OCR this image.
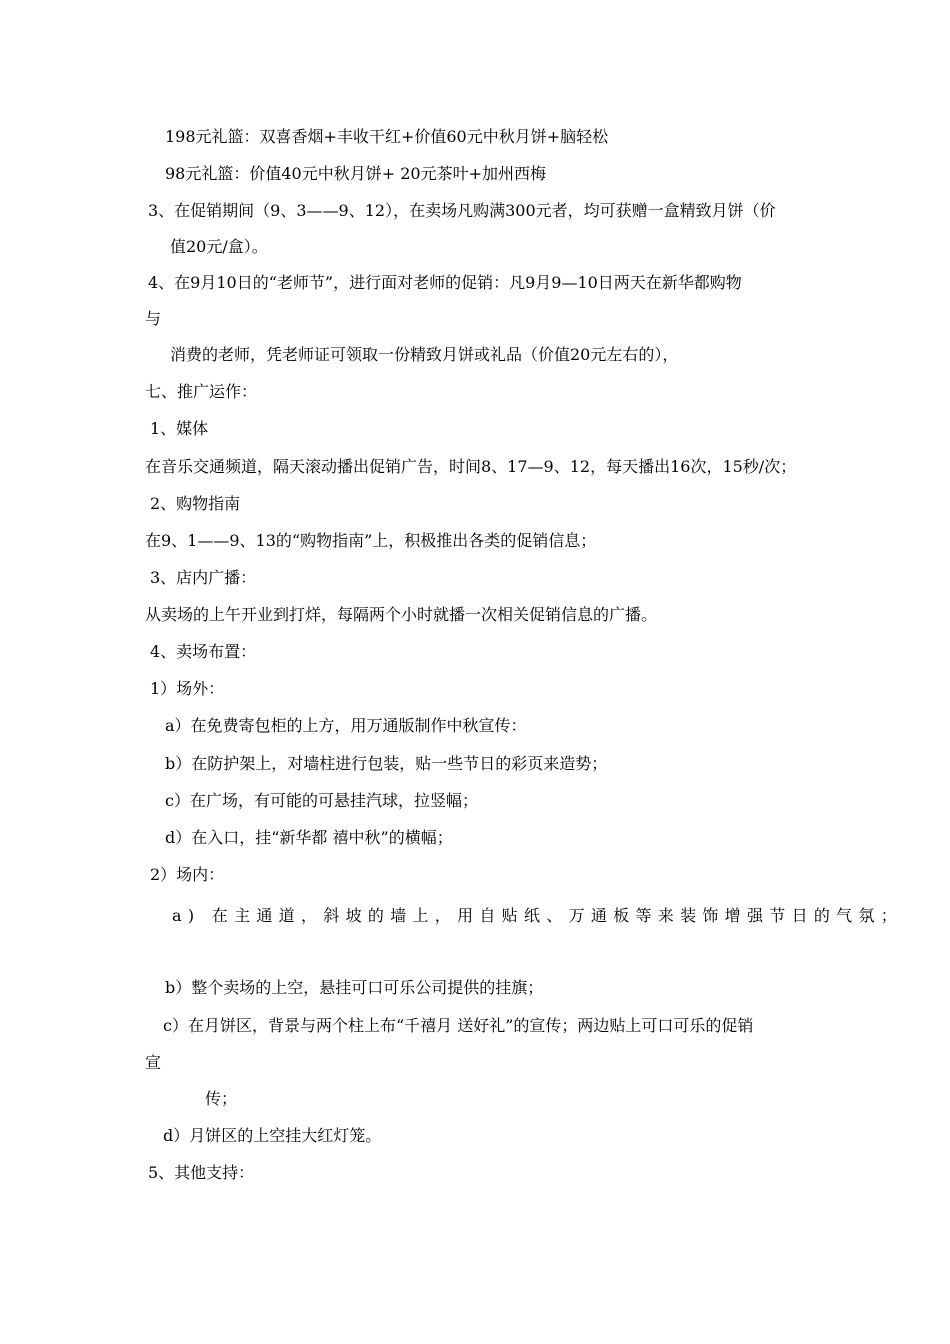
198元礼篮：双喜香烟+丰收干红+价值60元中秋月饼+脑轻松
98元礼篮：价值40元中秋月饼+ 20元茶叶+加州西梅
3、在促销期间（9、3——9、12），在卖场凡购满300元者，均可获赠一盒精致月饼（价
值20元/盒）。
4、在9月10日的“老师节”，进行面对老师的促销：凡9月9—10日两天在新华都购物
与
消费的老师，凭老师证可领取一份精致月饼或礼品（价值20元左右的），
七、推广运作：
1、媒体
在音乐交通频道，隔天滚动播出促销广告，时间8、17—9、12，每天播出16次，15秒/次；
2、购物指南
在9、1——9、13的“购物指南”上，积极推出各类的促销信息；
3、店内广播：
从卖场的上午开业到打烊，每隔两个小时就播一次相关促销信息的广播。
4、卖场布置：
1）场外：
a）在免费寄包柜的上方，用万通版制作中秋宣传：
b）在防护架上，对墙柱进行包装，贴一些节日的彩页来造势；
c）在广场，有可能的可悬挂汽球，拉竖幅；
d）在入口，挂“新华都 禧中秋”的横幅；
2）场内：
a) 在主通道，斜坡的墙上，用自贴纸、万通板等来装饰增强节日的气氛；
b）整个卖场的上空，悬挂可口可乐公司提供的挂旗；
c）在月饼区，背景与两个柱上布“千禧月 送好礼”的宣传；两边贴上可口可乐的促销
宣
传；
d）月饼区的上空挂大红灯笼。
5、其他支持：
